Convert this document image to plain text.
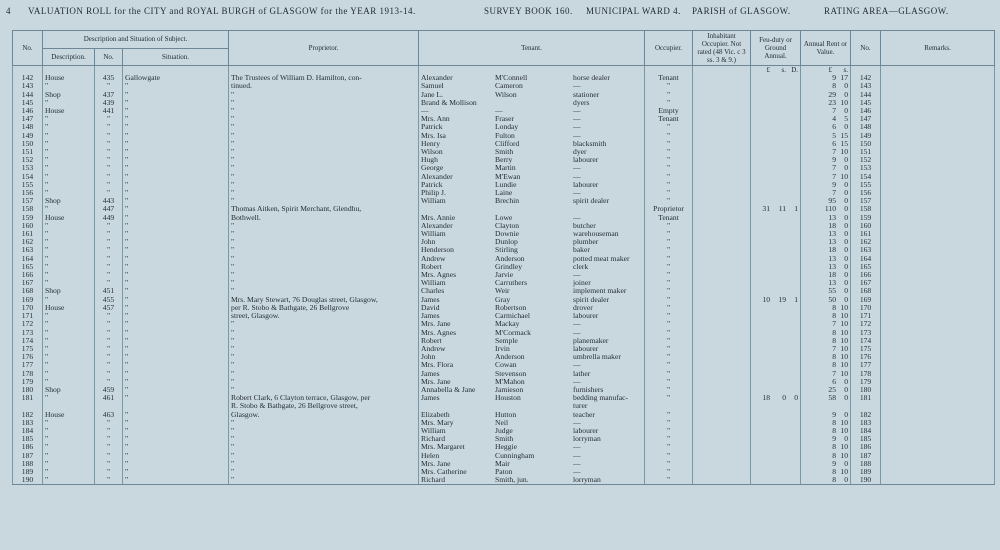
4 VALUATION ROLL for the CITY and ROYAL BURGH of GLASGOW for the YEAR 1913-14.	SURVEY BOOK 160. MUNICIPAL WARD 4. PARISH of GLASGOW.	RATING AREA—GLASGOW.
No.	Description and Situation of Subject.			Proprietor.	Tenant.	Occupier.	Inhabitant Occupier. Not rated (48 Vic. c 3 ss. 3 & 9.)	Feu-duty or Ground Annual.	Annual Rent or Value.	No.	Remarks.
	Description.	No.	Situation.								

								£ s. D.	£ s.		

142	House	435	Gallowgate	The Trustees of William D. Hamilton, con-	Alexander M'Connell horse dealer	Tenant			9 17	142	
143	"	"	"	tinued.	Samuel Cameron —	"			8 0	143	
144	Shop	437	"	"	Jane L. Wilson stationer	"			29 0	144	
145	"	439	"	"	Brand & Mollison dyers	"			23 10	145	
146	House	441	"	"	— — —	Empty			7 0	146	
147	"	"	"	"	Mrs. Ann Fraser —	Tenant			4 5	147	
148	"	"	"	"	Patrick Londay —	"			6 0	148	
149	"	"	"	"	Mrs. Isa Fulton —	"			5 15	149	
150	"	"	"	"	Henry Clifford blacksmith	"			6 15	150	
151	"	"	"	"	Wilson Smith dyer	"			7 10	151	
152	"	"	"	"	Hugh Berry labourer	"			9 0	152	
153	"	"	"	"	George Martin —	"			7 0	153	
154	"	"	"	"	Alexander M'Ewan —	"			7 10	154	
155	"	"	"	"	Patrick Lundie labourer	"			9 0	155	
156	"	"	"	"	Philip J. Laine —	"			7 0	156	
157	Shop	443	"	"	William Brechin spirit dealer	"			95 0	157	
158	"	447	"	Thomas Aitken, Spirit Merchant, Glendhu,		Proprietor		31 11 1	110 0	158	
159	House	449	"	Bothwell.	Mrs. Annie Lowe —	Tenant			13 0	159	
160	"	"	"	"	Alexander Clayton butcher	"			18 0	160	
161	"	"	"	"	William Downie warehouseman	"			13 0	161	
162	"	"	"	"	John Dunlop plumber	"			13 0	162	
163	"	"	"	"	Henderson Stirling baker	"			18 0	163	
164	"	"	"	"	Andrew Anderson potted meat maker	"			13 0	164	
165	"	"	"	"	Robert Grindley clerk	"			13 0	165	
166	"	"	"	"	Mrs. Agnes Jarvie —	"			18 0	166	
167	"	"	"	"	William Carruthers joiner	"			13 0	167	
168	Shop	451	"	"	Charles Weir implement maker	"			55 0	168	
169	"	455	"	Mrs. Mary Stewart, 76 Douglas street, Glasgow,	James Gray spirit dealer	"		10 19 1	50 0	169	
170	House	457	"	per R. Stobo & Bathgate, 26 Bellgrove	David Robertson drover	"			8 10	170	
171	"	"	"	street, Glasgow.	James Carmichael labourer	"			8 10	171	
172	"	"	"	"	Mrs. Jane Mackay —	"			7 10	172	
173	"	"	"	"	Mrs. Agnes M'Cormack —	"			8 10	173	
174	"	"	"	"	Robert Semple planemaker	"			8 10	174	
175	"	"	"	"	Andrew Irvin labourer	"			7 10	175	
176	"	"	"	"	John Anderson umbrella maker	"			8 10	176	
177	"	"	"	"	Mrs. Flora Cowan —	"			8 10	177	
178	"	"	"	"	James Stevenson lather	"			7 10	178	
179	"	"	"	"	Mrs. Jane M'Mahon —	"			6 0	179	
180	Shop	459	"	"	Annabella & Jane Jamieson furnishers	"			25 0	180	
181	"	461	"	Robert Clark, 6 Clayton terrace, Glasgow, per	James Houston bedding manufac-	"		18 0 0	58 0	181	
				R. Stobo & Bathgate, 26 Bellgrove street,	turer						

182	House	463	"	Glasgow.	Elizabeth Hutton teacher	"			9 0	182	
183	"	"	"	"	Mrs. Mary Neil —	"			8 10	183	
184	"	"	"	"	William Judge labourer	"			8 10	184	
185	"	"	"	"	Richard Smith lorryman	"			9 0	185	
186	"	"	"	"	Mrs. Margaret Heggie —	"			8 10	186	
187	"	"	"	"	Helen Cunningham —	"			8 10	187	
188	"	"	"	"	Mrs. Jane Mair —	"			9 0	188	
189	"	"	"	"	Mrs. Catherine Paton —	"			8 10	189	
190	"	"	"	"	Richard Smith, jun. lorryman	"			8 0	190	
